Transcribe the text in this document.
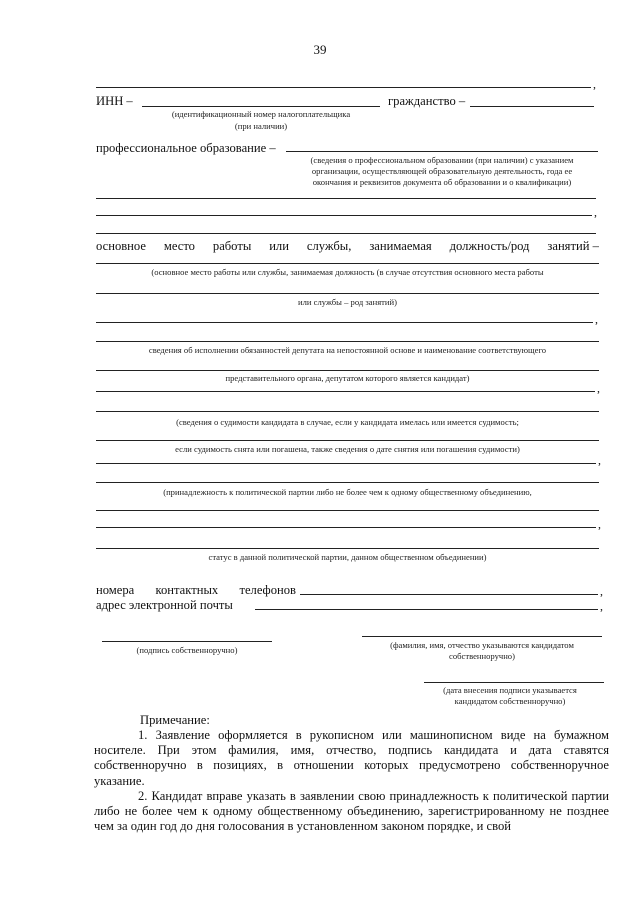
39
,
ИНН –	гражданство –
(идентификационный номер налогоплательщика
(при наличии)
профессиональное образование –
(сведения о профессиональном образовании (при наличии) с указанием
организации, осуществляющей образовательную деятельность, года ее
окончания и реквизитов документа об образовании и о квалификации)
,
основное место работы или службы, занимаемая должность/род занятий –
(основное место работы или службы, занимаемая должность (в случае отсутствия основного места работы
или службы – род занятий)
,
сведения об исполнении обязанностей депутата на непостоянной основе и наименование соответствующего
представительного органа, депутатом которого является кандидат)
,
(сведения о судимости кандидата в случае, если у кандидата имелась или имеется судимость;
если судимость снята или погашена, также сведения о дате снятия или погашения судимости)
,
(принадлежность к политической партии либо не более чем к одному общественному объединению,
,
статус в данной политической партии, данном общественном объединении)
номера контактных телефонов	,
адрес электронной почты	,
(подпись собственноручно)	(фамилия, имя, отчество указываются кандидатом
собственноручно)
(дата внесения подписи указывается
кандидатом собственноручно)
Примечание:
1. Заявление оформляется в рукописном или машинописном виде на бумажном носителе. При этом фамилия, имя, отчество, подпись кандидата и дата ставятся собственноручно в позициях, в отношении которых предусмотрено собственноручное указание.
2. Кандидат вправе указать в заявлении свою принадлежность к политической партии либо не более чем к одному общественному объединению, зарегистрированному не позднее чем за один год до дня голосования в установленном законом порядке, и свой
